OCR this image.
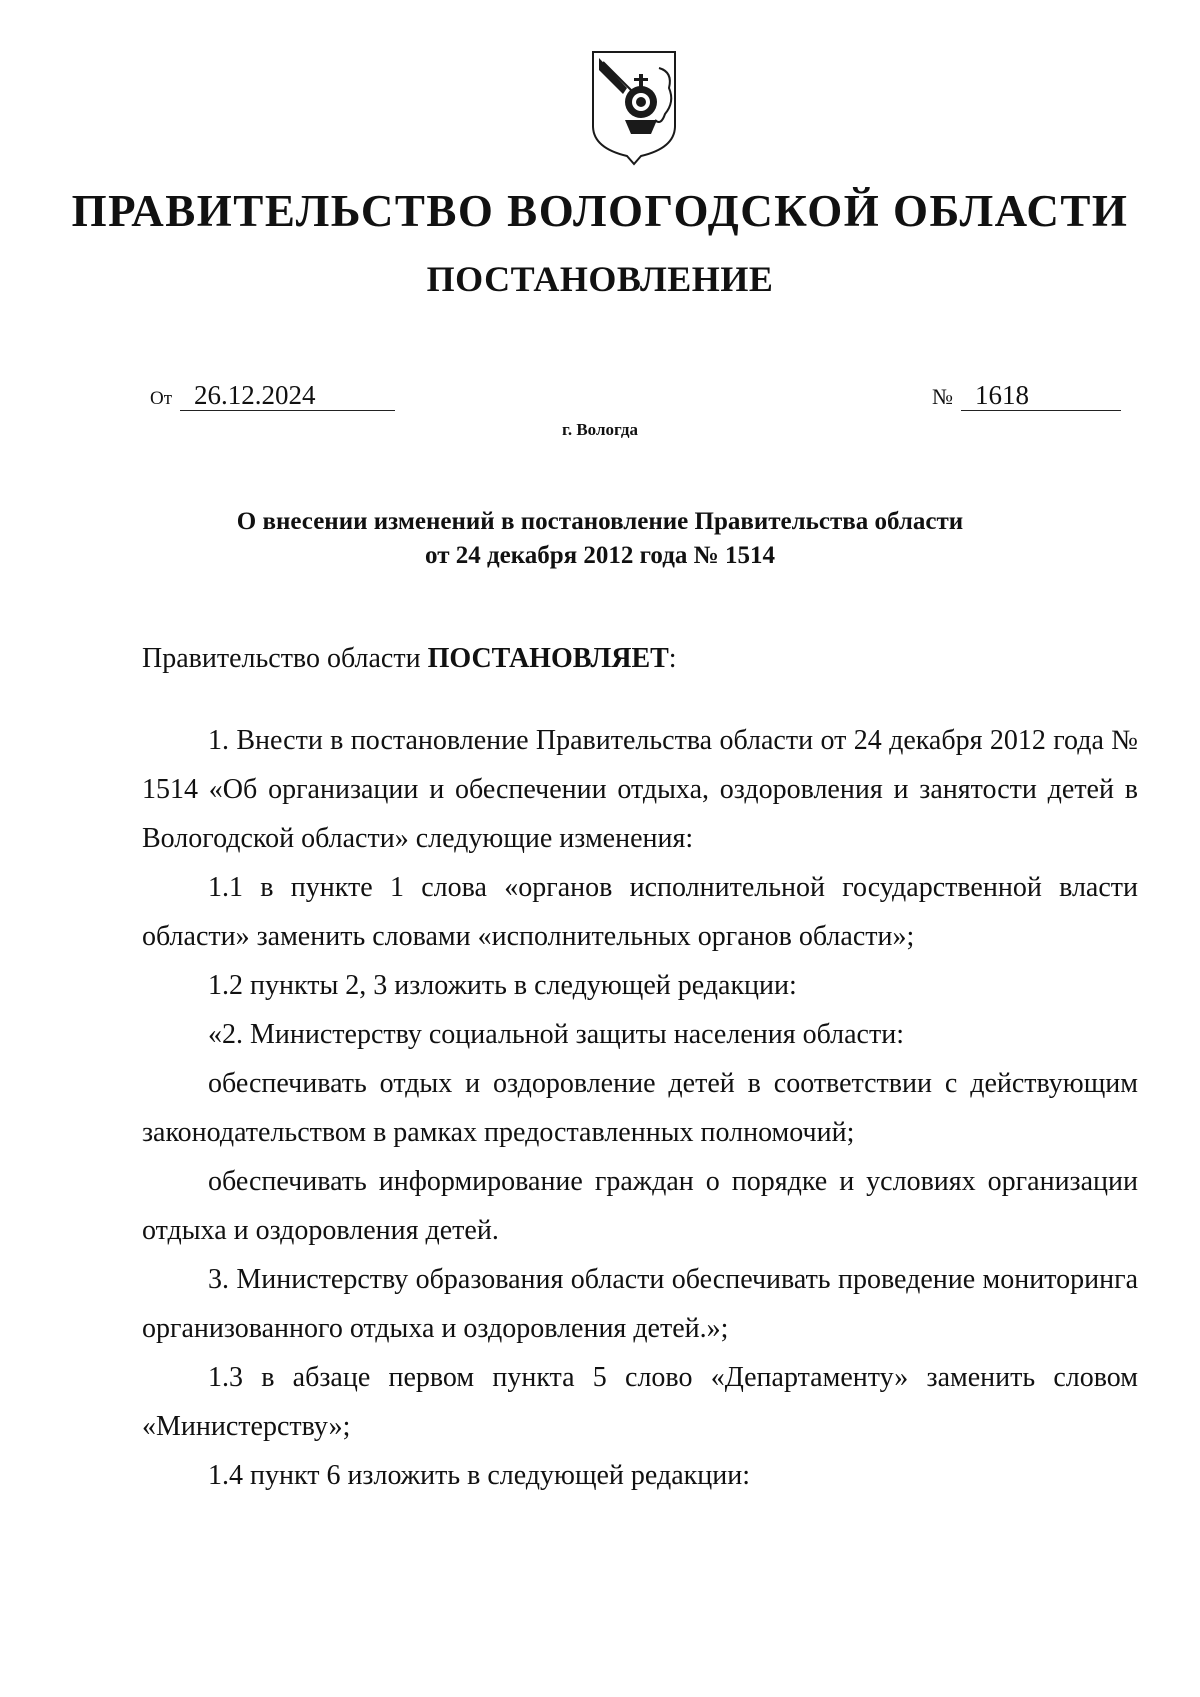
ПРАВИТЕЛЬСТВО ВОЛОГОДСКОЙ ОБЛАСТИ
ПОСТАНОВЛЕНИЕ
От 26.12.2024	№ 1618
г. Вологда
О внесении изменений в постановление Правительства области
от 24 декабря 2012 года № 1514

Правительство области ПОСТАНОВЛЯЕТ:

1. Внести в постановление Правительства области от 24 декабря 2012 года № 1514 «Об организации и обеспечении отдыха, оздоровления и занятости детей в Вологодской области» следующие изменения:

1.1 в пункте 1 слова «органов исполнительной государственной власти области» заменить словами «исполнительных органов области»;

1.2 пункты 2, 3 изложить в следующей редакции:

«2. Министерству социальной защиты населения области:

обеспечивать отдых и оздоровление детей в соответствии с действующим законодательством в рамках предоставленных полномочий;

обеспечивать информирование граждан о порядке и условиях организации отдыха и оздоровления детей.

3. Министерству образования области обеспечивать проведение мониторинга организованного отдыха и оздоровления детей.»;

1.3 в абзаце первом пункта 5 слово «Департаменту» заменить словом «Министерству»;

1.4 пункт 6 изложить в следующей редакции:
